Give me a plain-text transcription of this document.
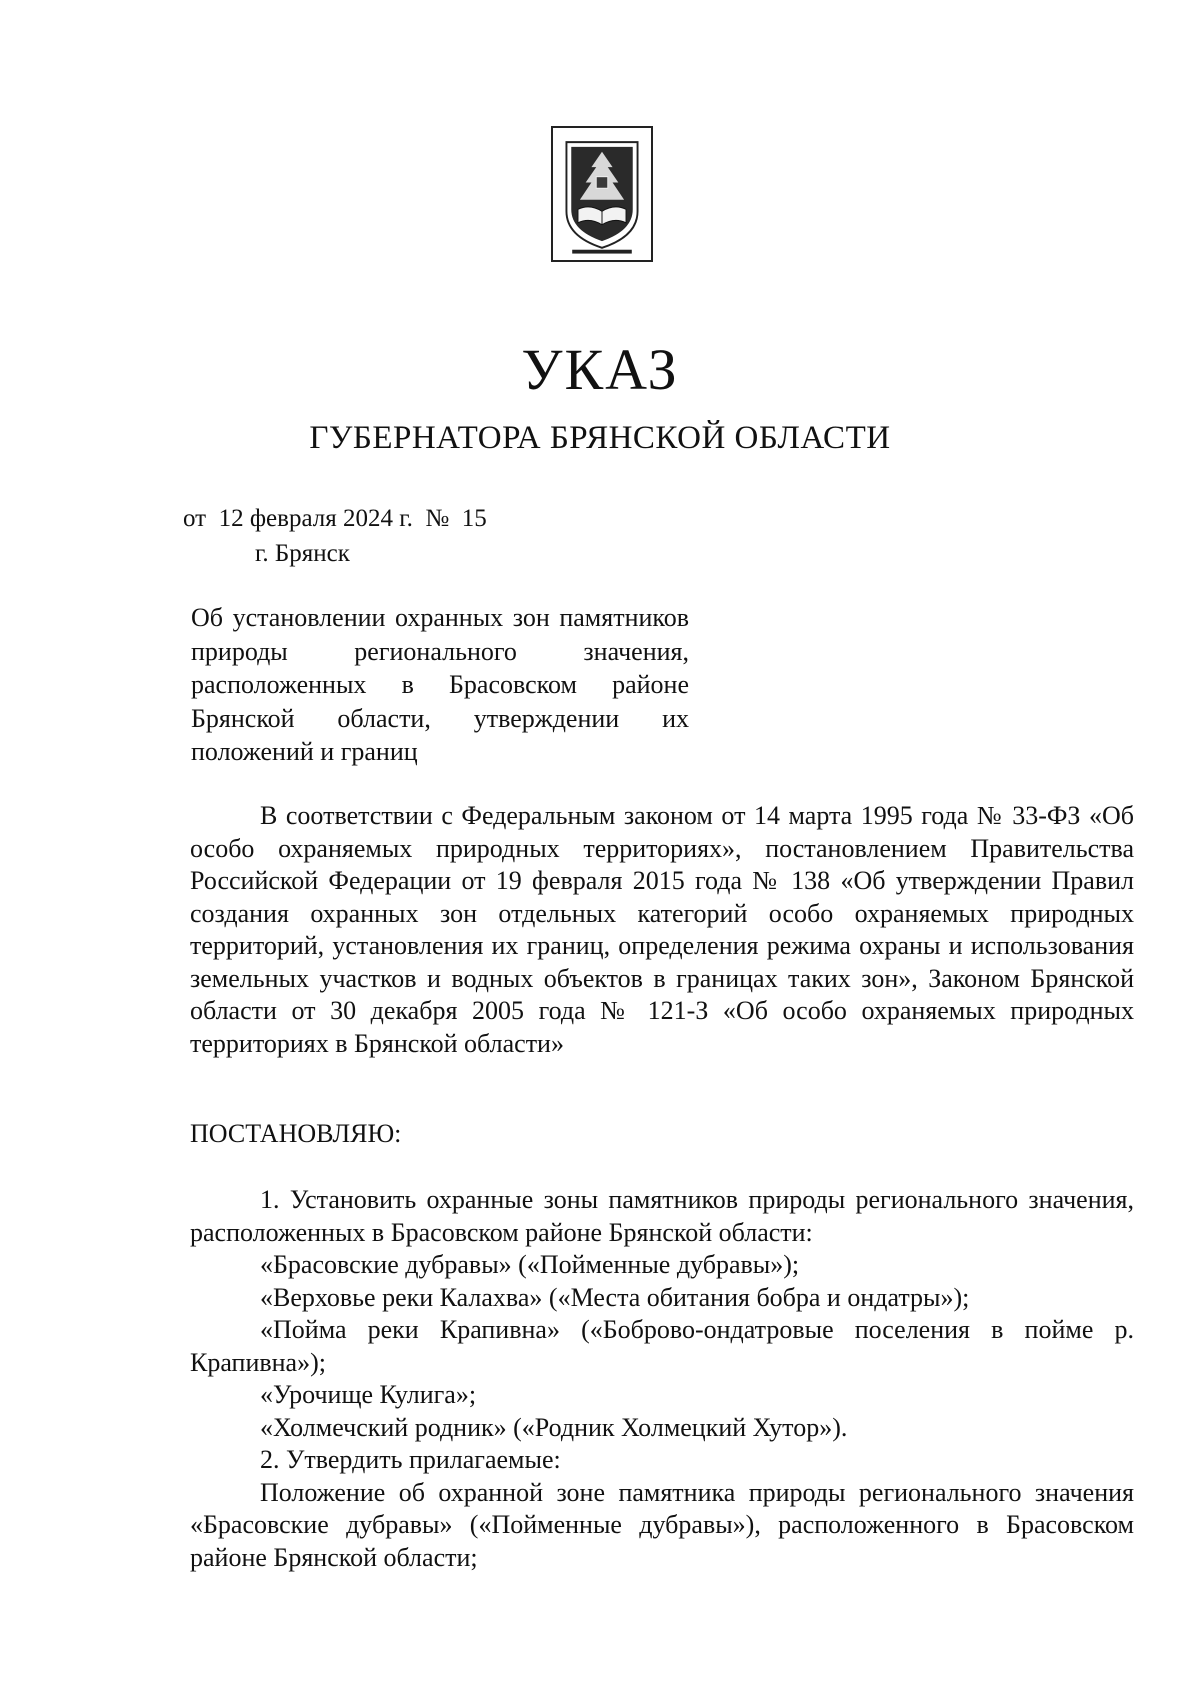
УКАЗ
ГУБЕРНАТОРА БРЯНСКОЙ ОБЛАСТИ
от  12 февраля 2024 г.  №  15
г. Брянск
Об установлении охранных зон памятников природы регионального значения, расположенных в Брасовском районе Брянской области, утверждении их положений и границ

В соответствии с Федеральным законом от 14 марта 1995 года № 33-ФЗ «Об особо охраняемых природных территориях», постановлением Правительства Российской Федерации от 19 февраля 2015 года № 138 «Об утверждении Правил создания охранных зон отдельных категорий особо охраняемых природных территорий, установления их границ, определения режима охраны и использования земельных участков и водных объектов в границах таких зон», Законом Брянской области от 30 декабря 2005 года № 121-З «Об особо охраняемых природных территориях в Брянской области»

ПОСТАНОВЛЯЮ:

1. Установить охранные зоны памятников природы регионального значения, расположенных в Брасовском районе Брянской области:

«Брасовские дубравы» («Пойменные дубравы»);

«Верховье реки Калахва» («Места обитания бобра и ондатры»);

«Пойма реки Крапивна» («Боброво-ондатровые поселения в пойме р. Крапивна»);

«Урочище Кулига»;

«Холмечский родник» («Родник Холмецкий Хутор»).

2. Утвердить прилагаемые:

Положение об охранной зоне памятника природы регионального значения «Брасовские дубравы» («Пойменные дубравы»), расположенного в Брасовском районе Брянской области;
